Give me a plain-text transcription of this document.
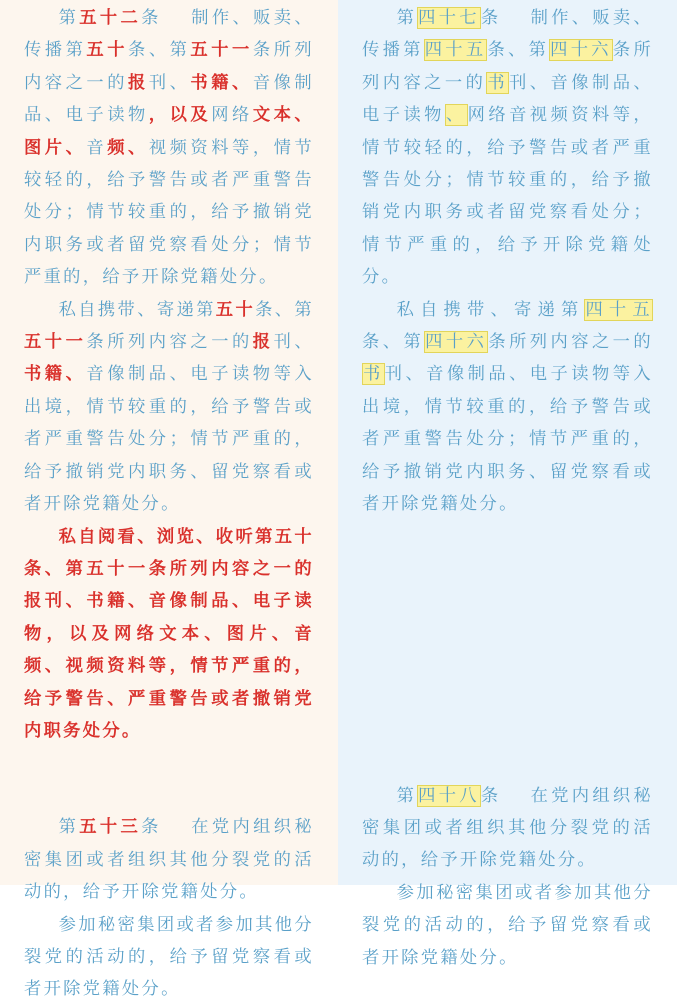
第五十二条　 制作、贩卖、传播第五十条、第五十一条所列内容之一的报刊、书籍、音像制品、电子读物，以及网络文本、图片、音频、视频资料等，情节较轻的，给予警告或者严重警告处分；情节较重的，给予撤销党内职务或者留党察看处分；情节严重的，给予开除党籍处分。

私自携带、寄递第五十条、第五十一条所列内容之一的报刊、书籍、音像制品、电子读物等入出境，情节较重的，给予警告或者严重警告处分；情节严重的，给予撤销党内职务、留党察看或者开除党籍处分。

私自阅看、浏览、收听第五十条、第五十一条所列内容之一的报刊、书籍、音像制品、电子读物，以及网络文本、图片、音频、视频资料等，情节严重的，给予警告、严重警告或者撤销党内职务处分。

第五十三条　 在党内组织秘密集团或者组织其他分裂党的活动的，给予开除党籍处分。

参加秘密集团或者参加其他分裂党的活动的，给予留党察看或者开除党籍处分。

第四十七条　 制作、贩卖、传播第四十五条、第四十六条所列内容之一的书刊、音像制品、电子读物、网络音视频资料等，情节较轻的，给予警告或者严重警告处分；情节较重的，给予撤销党内职务或者留党察看处分；情节严重的，给予开除党籍处分。

私自携带、寄递第四十五条、第四十六条所列内容之一的书刊、音像制品、电子读物等入出境，情节较重的，给予警告或者严重警告处分；情节严重的，给予撤销党内职务、留党察看或者开除党籍处分。

第四十八条　 在党内组织秘密集团或者组织其他分裂党的活动的，给予开除党籍处分。

参加秘密集团或者参加其他分裂党的活动的，给予留党察看或者开除党籍处分。
